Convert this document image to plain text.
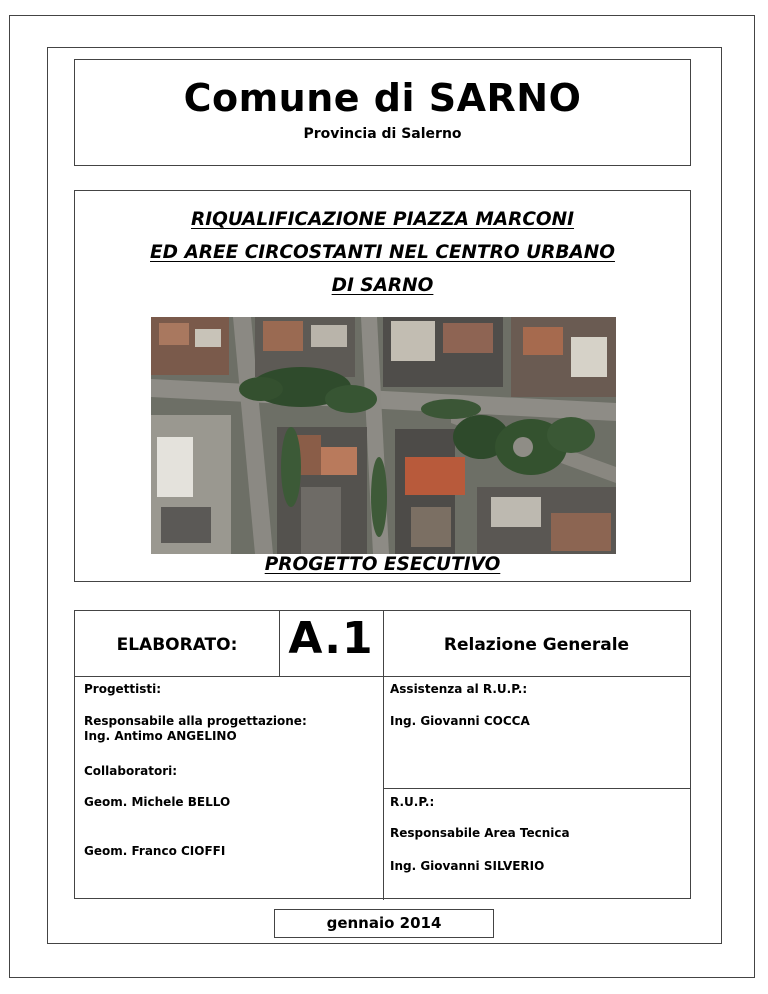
Comune di SARNO
Provincia di Salerno
RIQUALIFICAZIONE PIAZZA MARCONI
ED AREE CIRCOSTANTI NEL CENTRO URBANO
DI SARNO
PROGETTO ESECUTIVO
ELABORATO:	A.1	Relazione Generale
Progettisti:
Responsabile alla progettazione:
Ing. Antimo ANGELINO
Collaboratori:
Geom. Michele BELLO
Geom. Franco CIOFFI
Assistenza al R.U.P.:
Ing. Giovanni COCCA
R.U.P.:
Responsabile Area Tecnica
Ing. Giovanni SILVERIO
gennaio 2014
